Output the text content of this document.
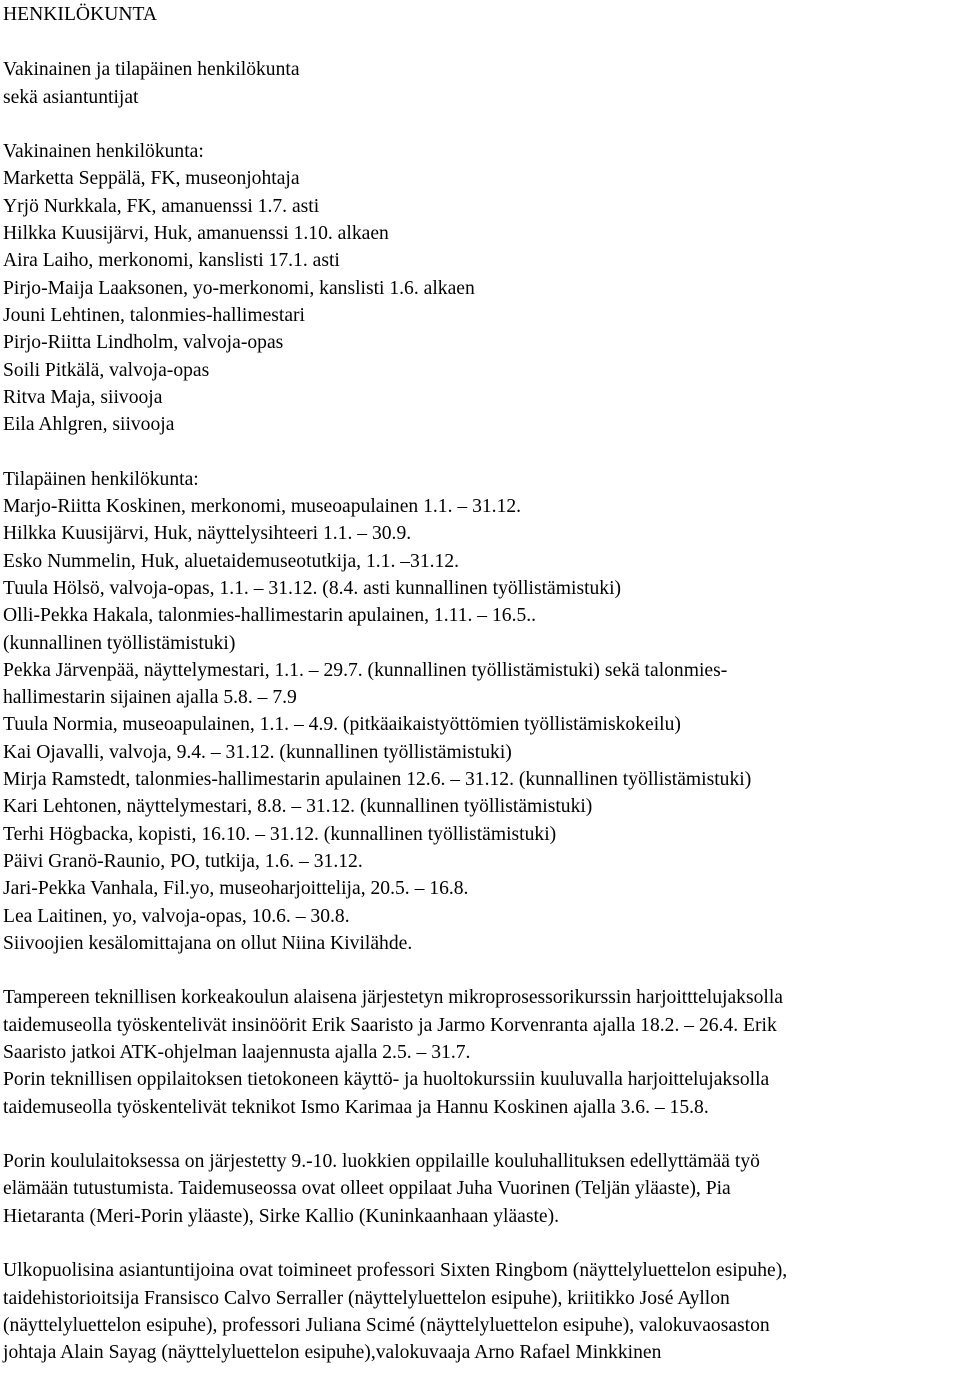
HENKILÖKUNTA
Vakinainen ja tilapäinen henkilökunta
sekä asiantuntijat
Vakinainen henkilökunta:
Marketta Seppälä, FK, museonjohtaja
Yrjö Nurkkala, FK, amanuenssi 1.7. asti
Hilkka Kuusijärvi, Huk, amanuenssi 1.10. alkaen
Aira Laiho, merkonomi, kanslisti 17.1. asti
Pirjo-Maija Laaksonen, yo-merkonomi, kanslisti 1.6. alkaen
Jouni Lehtinen, talonmies-hallimestari
Pirjo-Riitta Lindholm, valvoja-opas
Soili Pitkälä, valvoja-opas
Ritva Maja, siivooja
Eila Ahlgren, siivooja
Tilapäinen henkilökunta:
Marjo-Riitta Koskinen, merkonomi, museoapulainen 1.1. – 31.12.
Hilkka Kuusijärvi, Huk, näyttelysihteeri 1.1. – 30.9.
Esko Nummelin, Huk, aluetaidemuseotutkija, 1.1. –31.12.
Tuula Hölsö, valvoja-opas, 1.1. – 31.12. (8.4. asti kunnallinen työllistämistuki)
Olli-Pekka Hakala, talonmies-hallimestarin apulainen, 1.11. – 16.5..
(kunnallinen työllistämistuki)
Pekka Järvenpää, näyttelymestari, 1.1. – 29.7. (kunnallinen työllistämistuki) sekä talonmies-
hallimestarin sijainen ajalla 5.8. – 7.9
Tuula Normia, museoapulainen, 1.1. – 4.9. (pitkäaikaistyöttömien työllistämiskokeilu)
Kai Ojavalli, valvoja, 9.4. – 31.12. (kunnallinen työllistämistuki)
Mirja Ramstedt, talonmies-hallimestarin apulainen 12.6. – 31.12. (kunnallinen työllistämistuki)
Kari Lehtonen, näyttelymestari, 8.8. – 31.12. (kunnallinen työllistämistuki)
Terhi Högbacka, kopisti, 16.10. – 31.12. (kunnallinen työllistämistuki)
Päivi Granö-Raunio, PO, tutkija, 1.6. – 31.12.
Jari-Pekka Vanhala, Fil.yo, museoharjoittelija, 20.5. – 16.8.
Lea Laitinen, yo, valvoja-opas, 10.6. – 30.8.
Siivoojien kesälomittajana on ollut Niina Kivilähde.
Tampereen teknillisen korkeakoulun alaisena järjestetyn mikroprosessorikurssin harjoitttelujaksolla
taidemuseolla työskentelivät insinöörit Erik Saaristo ja Jarmo Korvenranta ajalla 18.2. – 26.4. Erik
Saaristo jatkoi ATK-ohjelman laajennusta ajalla 2.5. – 31.7.
Porin teknillisen oppilaitoksen tietokoneen käyttö- ja huoltokurssiin kuuluvalla harjoittelujaksolla
taidemuseolla työskentelivät teknikot Ismo Karimaa ja Hannu Koskinen ajalla 3.6. – 15.8.
Porin koululaitoksessa on järjestetty 9.-10. luokkien oppilaille kouluhallituksen edellyttämää työ
elämään tutustumista. Taidemuseossa ovat olleet oppilaat Juha Vuorinen (Teljän yläaste), Pia
Hietaranta (Meri-Porin yläaste), Sirke Kallio (Kuninkaanhaan yläaste).
Ulkopuolisina asiantuntijoina ovat toimineet professori Sixten Ringbom (näyttelyluettelon esipuhe),
taidehistorioitsija Fransisco Calvo Serraller (näyttelyluettelon esipuhe), kriitikko José Ayllon
(näyttelyluettelon esipuhe), professori Juliana Scimé (näyttelyluettelon esipuhe), valokuvaosaston
johtaja Alain Sayag (näyttelyluettelon esipuhe),valokuvaaja Arno Rafael Minkkinen
